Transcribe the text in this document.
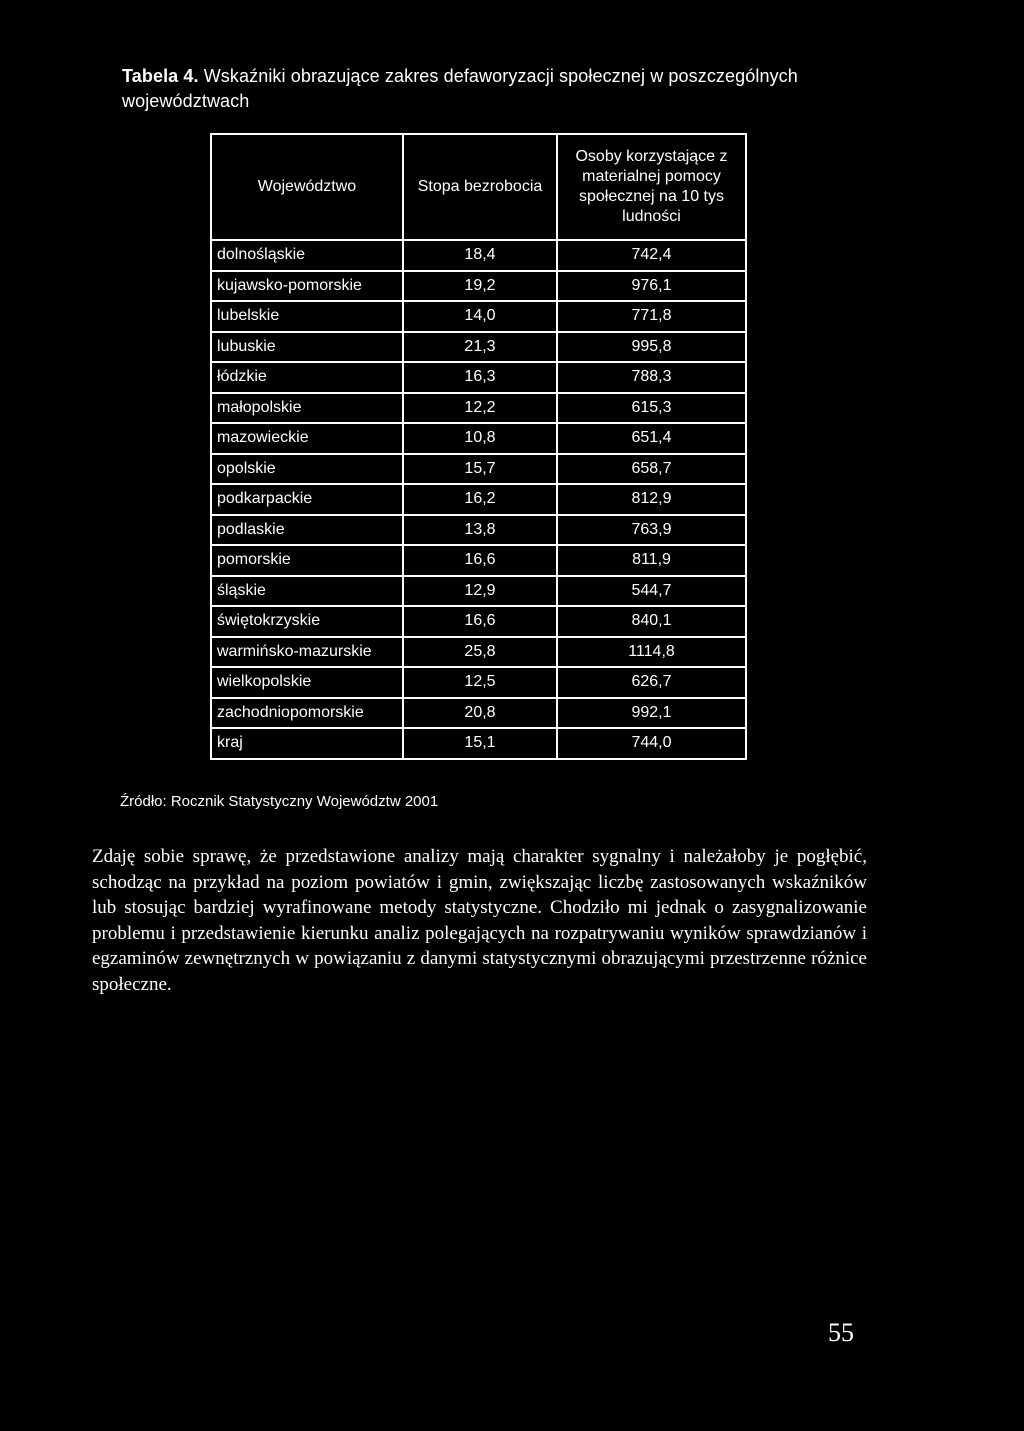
Tabela 4. Wskaźniki obrazujące zakres defaworyzacji społecznej w poszczególnych województwach
Województwo	Stopa bezrobocia	Osoby korzystające z materialnej pomocy społecznej na 10 tys ludności
dolnośląskie	18,4	742,4
kujawsko-pomorskie	19,2	976,1
lubelskie	14,0	771,8
lubuskie	21,3	995,8
łódzkie	16,3	788,3
małopolskie	12,2	615,3
mazowieckie	10,8	651,4
opolskie	15,7	658,7
podkarpackie	16,2	812,9
podlaskie	13,8	763,9
pomorskie	16,6	811,9
śląskie	12,9	544,7
świętokrzyskie	16,6	840,1
warmińsko-mazurskie	25,8	1114,8
wielkopolskie	12,5	626,7
zachodniopomorskie	20,8	992,1
kraj	15,1	744,0
Źródło: Rocznik Statystyczny Województw 2001

Zdaję sobie sprawę, że przedstawione analizy mają charakter sygnalny i należałoby je pogłębić, schodząc na przykład na poziom powiatów i gmin, zwiększając liczbę zastosowanych wskaźników lub stosując bardziej wyrafinowane metody statystyczne. Chodziło mi jednak o zasygnalizowanie problemu i przedstawienie kierunku analiz polegających na rozpatrywaniu wyników sprawdzianów i egzaminów zewnętrznych w powiązaniu z danymi statystycznymi obrazującymi przestrzenne różnice społeczne.

55
